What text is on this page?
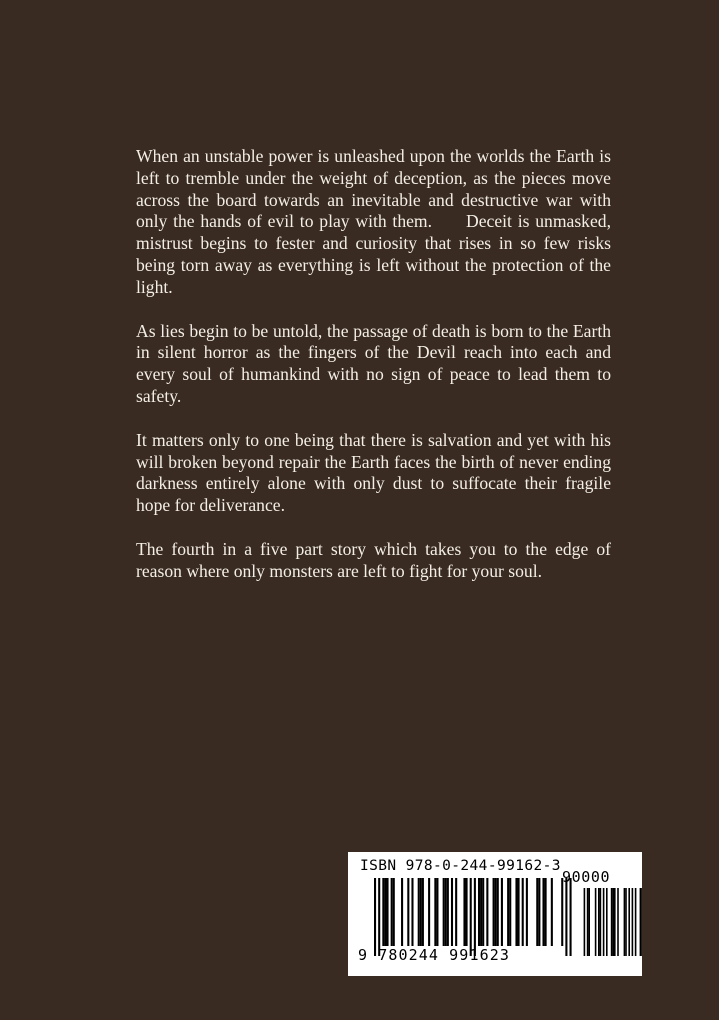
When an unstable power is unleashed upon the worlds the Earth is left to tremble under the weight of deception, as the pieces move across the board towards an inevitable and destructive war with only the hands of evil to play with them. Deceit is unmasked, mistrust begins to fester and curiosity that rises in so few risks being torn away as everything is left without the protection of the light.

As lies begin to be untold, the passage of death is born to the Earth in silent horror as the fingers of the Devil reach into each and every soul of humankind with no sign of peace to lead them to safety.

It matters only to one being that there is salvation and yet with his will broken beyond repair the Earth faces the birth of never ending darkness entirely alone with only dust to suffocate their fragile hope for deliverance.

The fourth in a five part story which takes you to the edge of reason where only monsters are left to fight for your soul.

ISBN 978-0-244-99162-3
90000
9 780244 991623
